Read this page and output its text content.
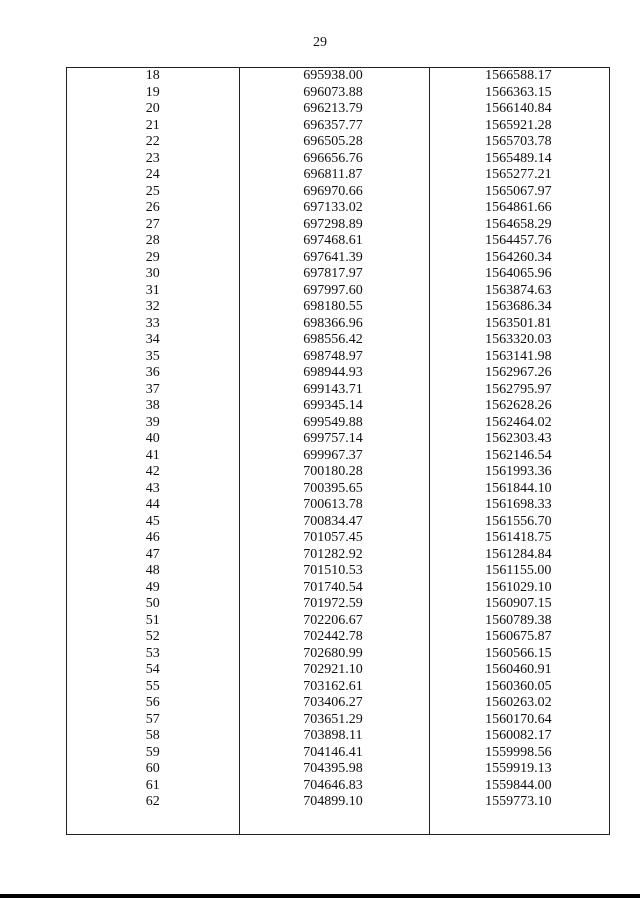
29
18	695938.00	1566588.17
19	696073.88	1566363.15
20	696213.79	1566140.84
21	696357.77	1565921.28
22	696505.28	1565703.78
23	696656.76	1565489.14
24	696811.87	1565277.21
25	696970.66	1565067.97
26	697133.02	1564861.66
27	697298.89	1564658.29
28	697468.61	1564457.76
29	697641.39	1564260.34
30	697817.97	1564065.96
31	697997.60	1563874.63
32	698180.55	1563686.34
33	698366.96	1563501.81
34	698556.42	1563320.03
35	698748.97	1563141.98
36	698944.93	1562967.26
37	699143.71	1562795.97
38	699345.14	1562628.26
39	699549.88	1562464.02
40	699757.14	1562303.43
41	699967.37	1562146.54
42	700180.28	1561993.36
43	700395.65	1561844.10
44	700613.78	1561698.33
45	700834.47	1561556.70
46	701057.45	1561418.75
47	701282.92	1561284.84
48	701510.53	1561155.00
49	701740.54	1561029.10
50	701972.59	1560907.15
51	702206.67	1560789.38
52	702442.78	1560675.87
53	702680.99	1560566.15
54	702921.10	1560460.91
55	703162.61	1560360.05
56	703406.27	1560263.02
57	703651.29	1560170.64
58	703898.11	1560082.17
59	704146.41	1559998.56
60	704395.98	1559919.13
61	704646.83	1559844.00
62	704899.10	1559773.10
